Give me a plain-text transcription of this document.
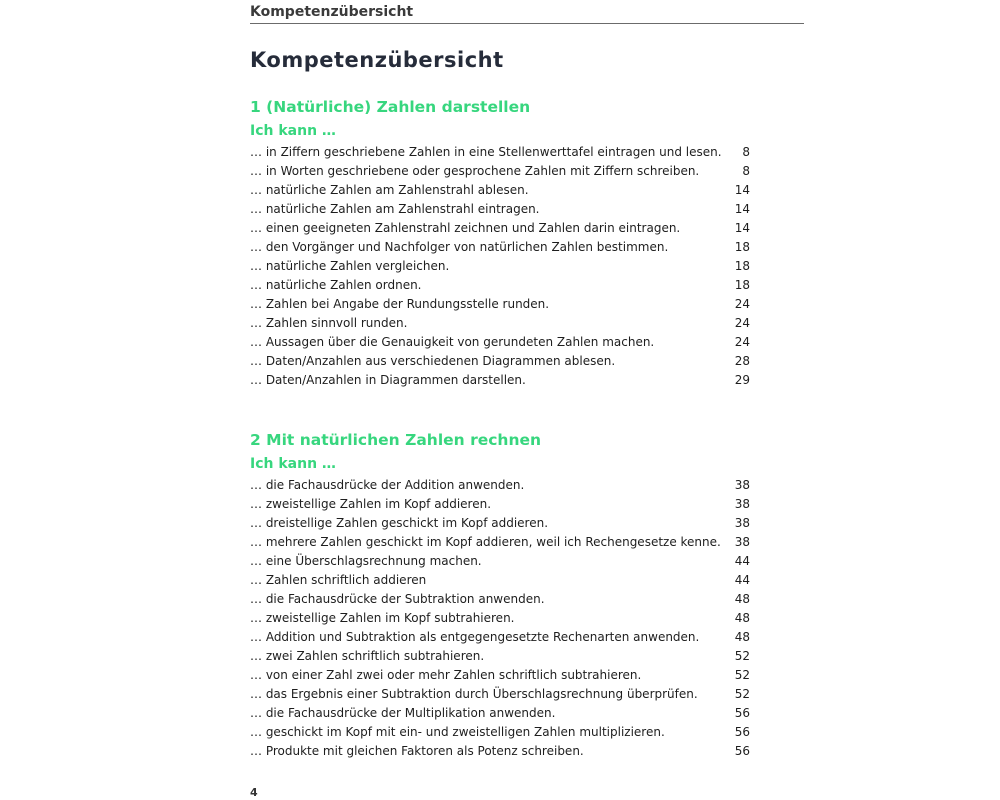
Kompetenzübersicht
Kompetenzübersicht
1 (Natürliche) Zahlen darstellen
Ich kann …
… in Ziffern geschriebene Zahlen in eine Stellenwerttafel eintragen und lesen. 8
… in Worten geschriebene oder gesprochene Zahlen mit Ziffern schreiben.	8
… natürliche Zahlen am Zahlenstrahl ablesen.	14
… natürliche Zahlen am Zahlenstrahl eintragen.	14
… einen geeigneten Zahlenstrahl zeichnen und Zahlen darin eintragen.	14
… den Vorgänger und Nachfolger von natürlichen Zahlen bestimmen.	18
… natürliche Zahlen vergleichen.	18
… natürliche Zahlen ordnen.	18
… Zahlen bei Angabe der Rundungsstelle runden.	24
… Zahlen sinnvoll runden.	24
… Aussagen über die Genauigkeit von gerundeten Zahlen machen.	24
… Daten/Anzahlen aus verschiedenen Diagrammen ablesen.	28
… Daten/Anzahlen in Diagrammen darstellen.	29
2 Mit natürlichen Zahlen rechnen
Ich kann …
… die Fachausdrücke der Addition anwenden.	38
… zweistellige Zahlen im Kopf addieren.	38
… dreistellige Zahlen geschickt im Kopf addieren.	38
… mehrere Zahlen geschickt im Kopf addieren, weil ich Rechengesetze kenne. 38
… eine Überschlagsrechnung machen.	44
… Zahlen schriftlich addieren	44
… die Fachausdrücke der Subtraktion anwenden.	48
… zweistellige Zahlen im Kopf subtrahieren.	48
… Addition und Subtraktion als entgegengesetzte Rechenarten anwenden.	48
… zwei Zahlen schriftlich subtrahieren.	52
… von einer Zahl zwei oder mehr Zahlen schriftlich subtrahieren.	52
… das Ergebnis einer Subtraktion durch Überschlagsrechnung überprüfen.	52
… die Fachausdrücke der Multiplikation anwenden.	56
… geschickt im Kopf mit ein- und zweistelligen Zahlen multiplizieren.	56
… Produkte mit gleichen Faktoren als Potenz schreiben.	56
4
